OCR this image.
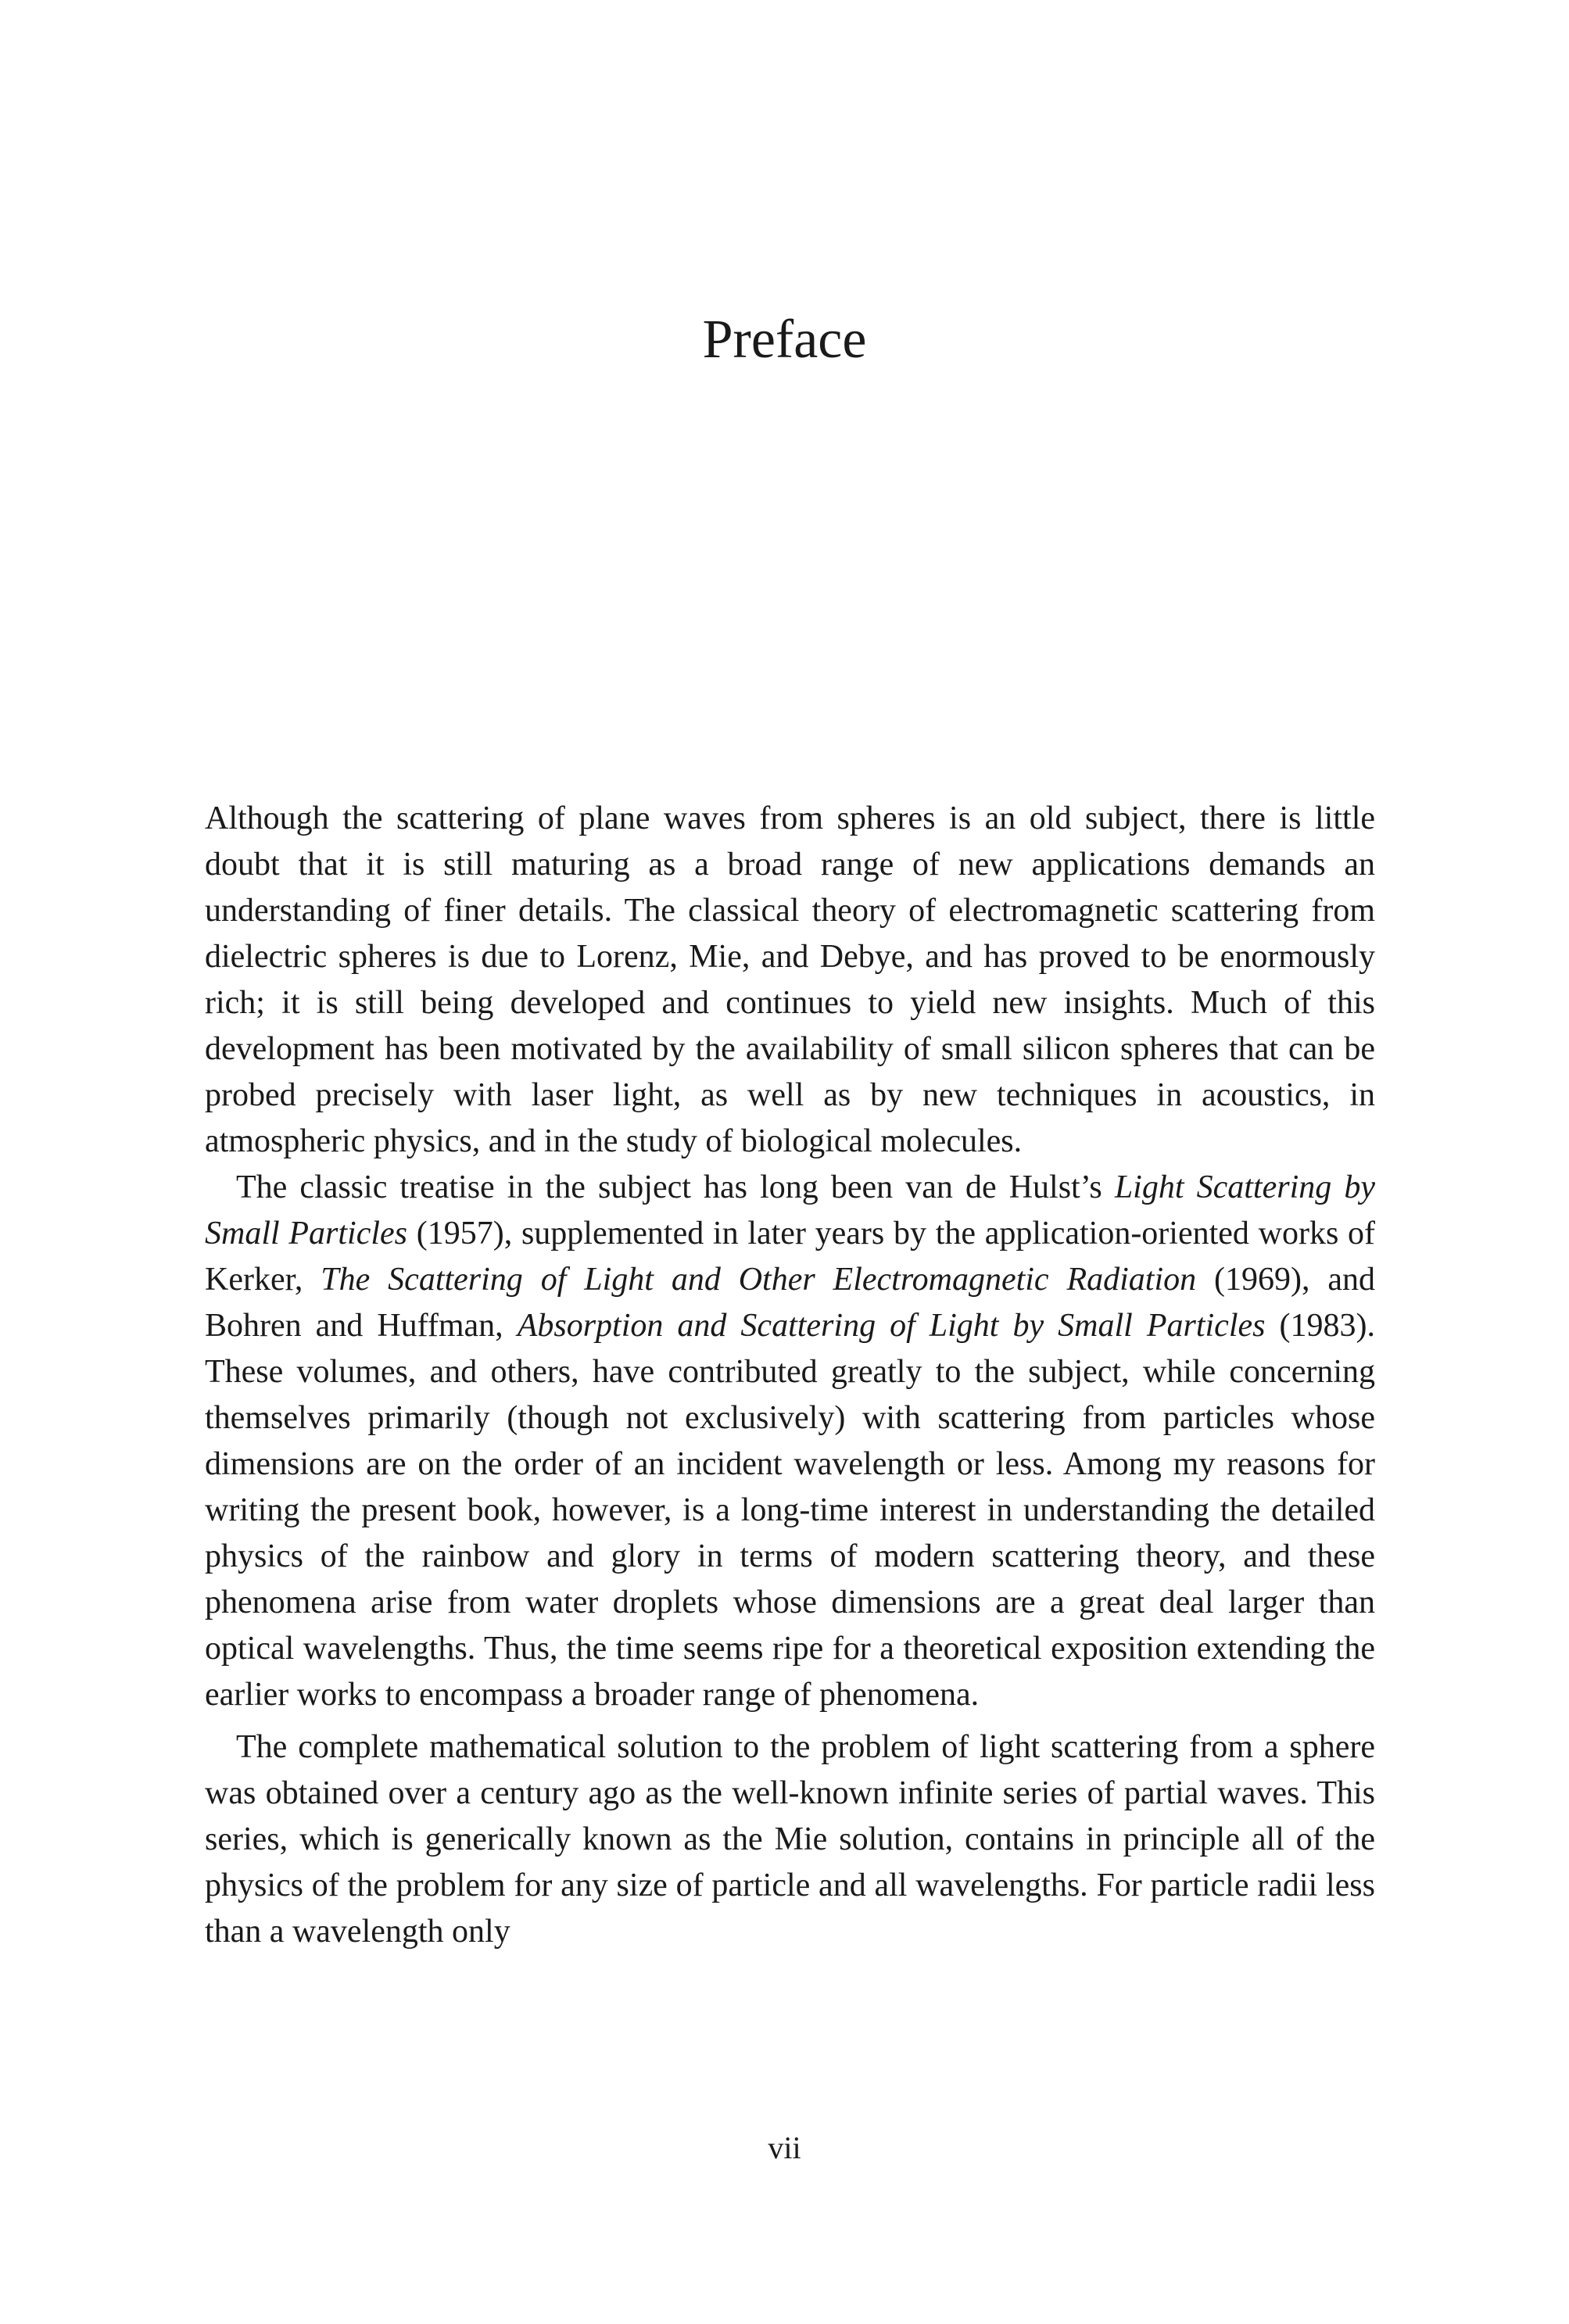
Preface

Although the scattering of plane waves from spheres is an old subject, there is little doubt that it is still maturing as a broad range of new applications demands an understanding of finer details. The classical theory of electromagnetic scattering from dielectric spheres is due to Lorenz, Mie, and Debye, and has proved to be enormously rich; it is still being developed and continues to yield new insights. Much of this development has been motivated by the availability of small silicon spheres that can be probed precisely with laser light, as well as by new techniques in acoustics, in atmospheric physics, and in the study of biological molecules.

The classic treatise in the subject has long been van de Hulst’s Light Scattering by Small Particles (1957), supplemented in later years by the application-oriented works of Kerker, The Scattering of Light and Other Electromagnetic Radiation (1969), and Bohren and Huffman, Absorption and Scattering of Light by Small Particles (1983). These volumes, and others, have contributed greatly to the subject, while concerning themselves primarily (though not exclusively) with scattering from particles whose dimensions are on the order of an incident wavelength or less. Among my reasons for writing the present book, however, is a long-time interest in understanding the detailed physics of the rainbow and glory in terms of modern scattering theory, and these phenomena arise from water droplets whose dimensions are a great deal larger than optical wavelengths. Thus, the time seems ripe for a theoretical exposition extending the earlier works to encompass a broader range of phenomena.

The complete mathematical solution to the problem of light scattering from a sphere was obtained over a century ago as the well-known infinite series of partial waves. This series, which is generically known as the Mie solution, contains in principle all of the physics of the problem for any size of particle and all wavelengths. For particle radii less than a wavelength only

vii
